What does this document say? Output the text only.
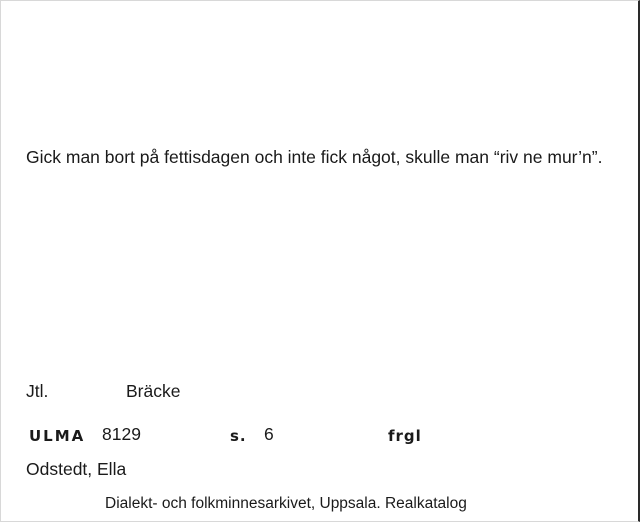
Gick man bort på fettisdagen och inte fick något, skulle man “riv ne mur’n”.

Jtl.	Bräcke
ULMA 8129	s. 6	frgl
Odstedt, Ella
Dialekt- och folkminnesarkivet, Uppsala. Realkatalog
